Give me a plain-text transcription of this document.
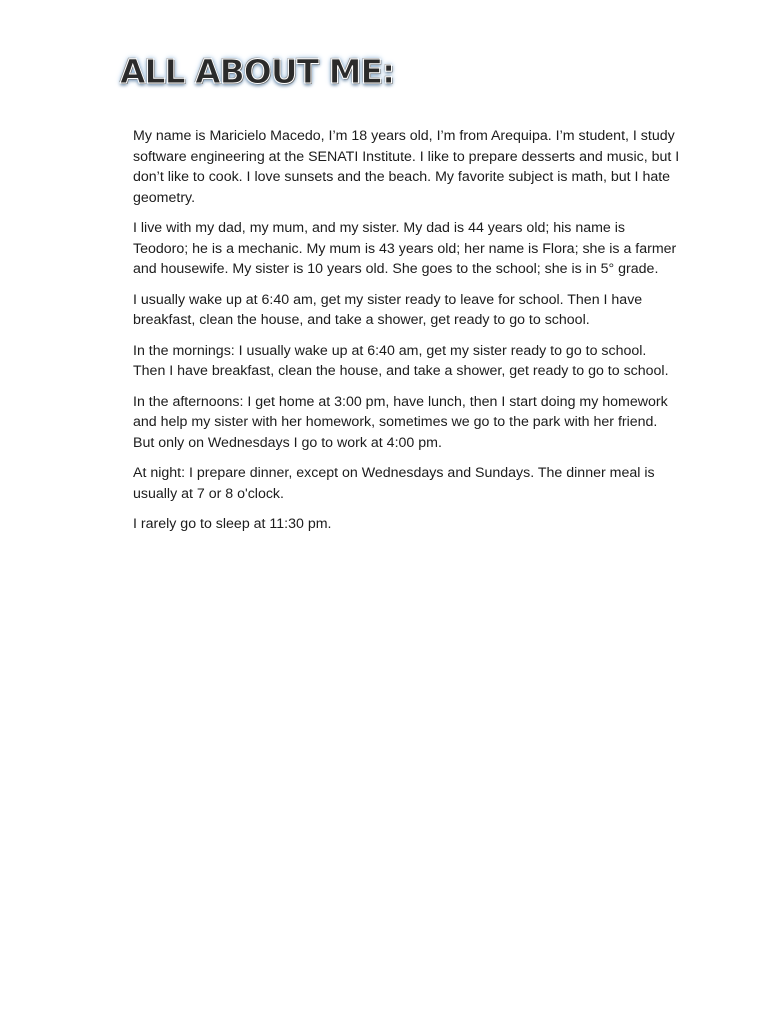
ALL ABOUT ME:

My name is Maricielo Macedo, I’m 18 years old, I’m from Arequipa. I’m student, I study software engineering at the SENATI Institute. I like to prepare desserts and music, but I don’t like to cook. I love sunsets and the beach. My favorite subject is math, but I hate geometry.

I live with my dad, my mum, and my sister. My dad is 44 years old; his name is Teodoro; he is a mechanic. My mum is 43 years old; her name is Flora; she is a farmer and housewife. My sister is 10 years old. She goes to the school; she is in 5° grade.

I usually wake up at 6:40 am, get my sister ready to leave for school. Then I have breakfast, clean the house, and take a shower, get ready to go to school.

In the mornings: I usually wake up at 6:40 am, get my sister ready to go to school. Then I have breakfast, clean the house, and take a shower, get ready to go to school.

In the afternoons: I get home at 3:00 pm, have lunch, then I start doing my homework and help my sister with her homework, sometimes we go to the park with her friend. But only on Wednesdays I go to work at 4:00 pm.

At night: I prepare dinner, except on Wednesdays and Sundays. The dinner meal is usually at 7 or 8 o'clock.

I rarely go to sleep at 11:30 pm.
